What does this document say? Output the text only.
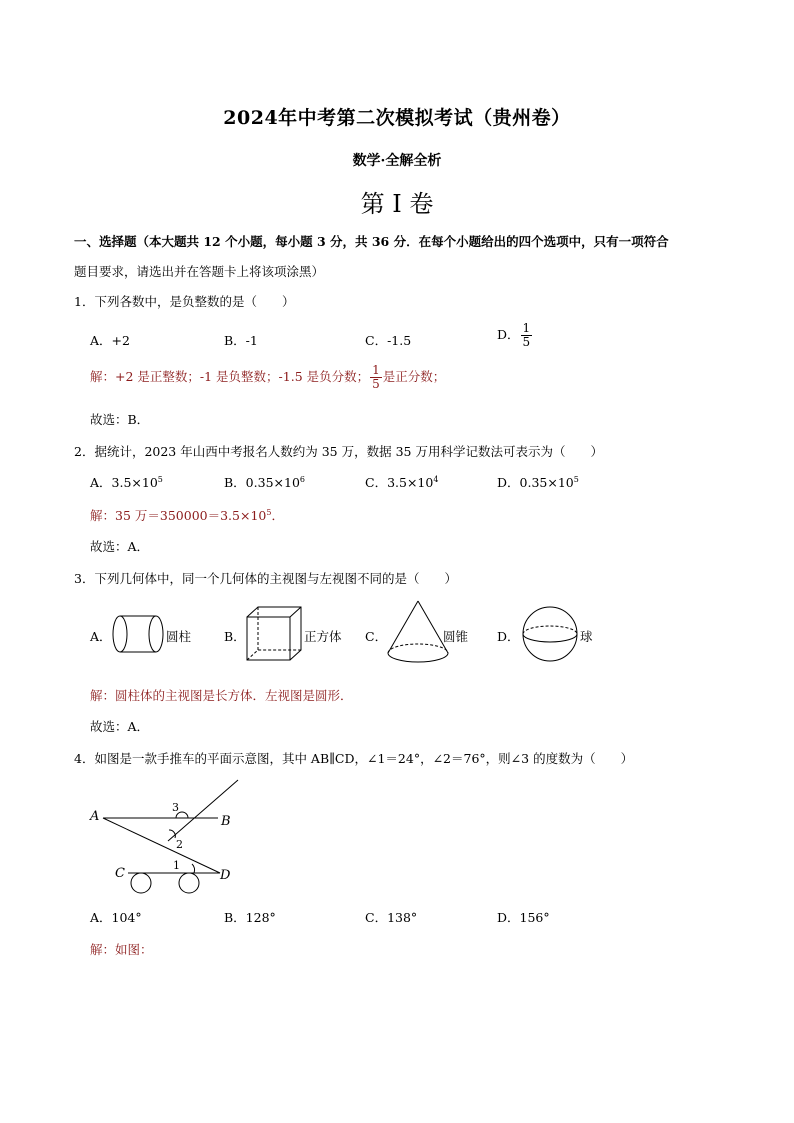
2024年中考第二次模拟考试（贵州卷）
数学·全解全析
第 I 卷
一、选择题（本大题共 12 个小题，每小题 3 分，共 36 分．在每个小题给出的四个选项中，只有一项符合
题目要求，请选出并在答题卡上将该项涂黑）
1．下列各数中，是负整数的是（　　）
A．+2	B．-1	C．-1.5	D． $\frac{1}{5}$
解：+2 是正整数；-1 是负整数；-1.5 是负分数； $\frac{1}{5}$ 是正分数；
故选：B．
2．据统计，2023 年山西中考报名人数约为 35 万，数据 35 万用科学记数法可表示为（　　）
A．$3.5\times 10^5$	B．$0.35\times 10^6$	C．$3.5\times 10^4$	D．$0.35\times 10^5$
解：35 万$=350000=3.5\times 10^5$．
故选：A．
3．下列几何体中，同一个几何体的主视图与左视图不同的是（　　）
A．	圆柱	B．	正方体 C．	圆锥 D．	球
解：圆柱体的主视图是长方体．左视图是圆形．
故选：A．
4．如图是一款手推车的平面示意图，其中 AB∥CD，∠1＝24°，∠2＝76°，则∠3 的度数为（　　）
A	B
C	D
3
2
1
A．104°	B．128°	C．138°	D．156°
解：如图：
